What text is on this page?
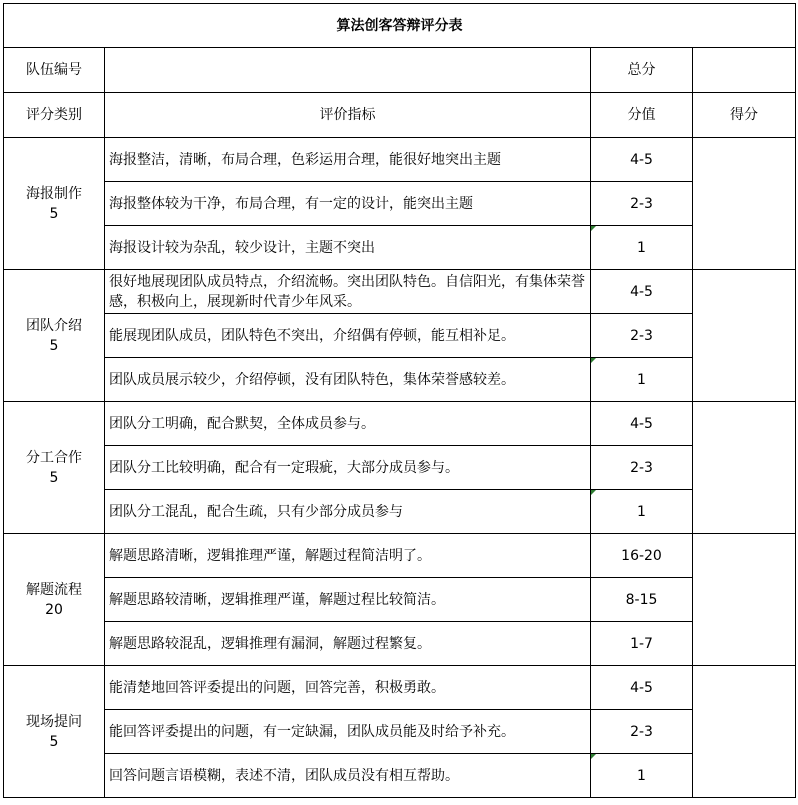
算法创客答辩评分表			
队伍编号		总分	
评分类别	评价指标	分值	得分

海报制作
5	海报整洁，清晰，布局合理，色彩运用合理，能很好地突出主题	4-5	
	海报整体较为干净，布局合理，有一定的设计，能突出主题	2-3	
	海报设计较为杂乱，较少设计，主题不突出	1	

团队介绍
5	很好地展现团队成员特点，介绍流畅。突出团队特色。自信阳光，有集体荣誉感，积极向上，展现新时代青少年风采。	4-5	
	能展现团队成员，团队特色不突出，介绍偶有停顿，能互相补足。	2-3	
	团队成员展示较少，介绍停顿，没有团队特色，集体荣誉感较差。	1	

分工合作
5	团队分工明确，配合默契，全体成员参与。	4-5	
	团队分工比较明确，配合有一定瑕疵，大部分成员参与。	2-3	
	团队分工混乱，配合生疏，只有少部分成员参与	1	

解题流程
20	解题思路清晰，逻辑推理严谨，解题过程简洁明了。	16-20	
	解题思路较清晰，逻辑推理严谨，解题过程比较简洁。	8-15	
	解题思路较混乱，逻辑推理有漏洞，解题过程繁复。	1-7	

现场提问
5	能清楚地回答评委提出的问题，回答完善，积极勇敢。	4-5	
	能回答评委提出的问题，有一定缺漏，团队成员能及时给予补充。	2-3	
	回答问题言语模糊，表述不清，团队成员没有相互帮助。	1	
